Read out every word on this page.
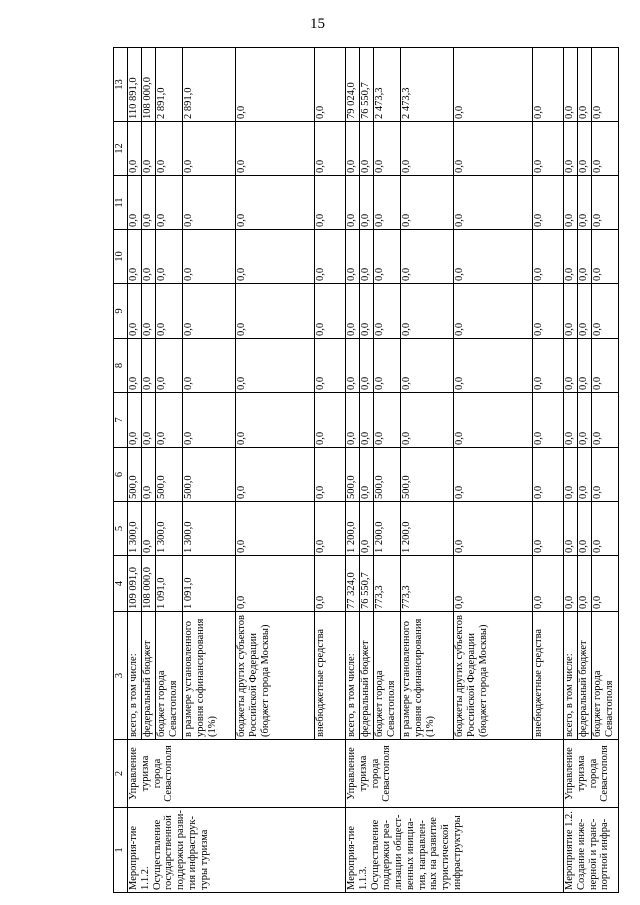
15
1	2	3	4	5	6	7	8	9	10	11	12	13
Мероприя-тие 1.1.2. Осуществление государственной поддержки разви-тия инфраструк-туры туризма	Управление туризма города Севастополя	всего, в том числе:	109 091,0	1 300,0	500,0	0,0	0,0	0,0	0,0	0,0	0,0	110 891,0
		федеральный бюджет	108 000,0	0,0	0,0	0,0	0,0	0,0	0,0	0,0	0,0	108 000,0
		бюджет города Севастополя	1 091,0	1 300,0	500,0	0,0	0,0	0,0	0,0	0,0	0,0	2 891,0
		в размере установленного уровня софинансирования (1%)	1 091,0	1 300,0	500,0	0,0	0,0	0,0	0,0	0,0	0,0	2 891,0
		бюджеты других субъектов Российской Федерации (бюджет города Москвы)	0,0	0,0	0,0	0,0	0,0	0,0	0,0	0,0	0,0	0,0
		внебюджетные средства	0,0	0,0	0,0	0,0	0,0	0,0	0,0	0,0	0,0	0,0
Мероприя-тие 1.1.3. Осуществление поддержки реа-лизации общест-венных инициа-тив, направлен-ных на развитие туристической инфраструктуры	Управление туризма города Севастополя	всего, в том числе:	77 324,0	1 200,0	500,0	0,0	0,0	0,0	0,0	0,0	0,0	79 024,0
		федеральный бюджет	76 550,7	0,0	0,0	0,0	0,0	0,0	0,0	0,0	0,0	76 550,7
		бюджет города Севастополя	773,3	1 200,0	500,0	0,0	0,0	0,0	0,0	0,0	0,0	2 473,3
		в размере установленного уровня софинансирования (1%)	773,3	1 200,0	500,0	0,0	0,0	0,0	0,0	0,0	0,0	2 473,3
		бюджеты других субъектов Российской Федерации (бюджет города Москвы)	0,0	0,0	0,0	0,0	0,0	0,0	0,0	0,0	0,0	0,0
		внебюджетные средства	0,0	0,0	0,0	0,0	0,0	0,0	0,0	0,0	0,0	0,0
Мероприятие 1.2. Создание инже-нерной и транс-портной инфра-	Управление туризма города Севастополя	всего, в том числе:	0,0	0,0	0,0	0,0	0,0	0,0	0,0	0,0	0,0	0,0
		федеральный бюджет	0,0	0,0	0,0	0,0	0,0	0,0	0,0	0,0	0,0	0,0
		бюджет города Севастополя	0,0	0,0	0,0	0,0	0,0	0,0	0,0	0,0	0,0	0,0
